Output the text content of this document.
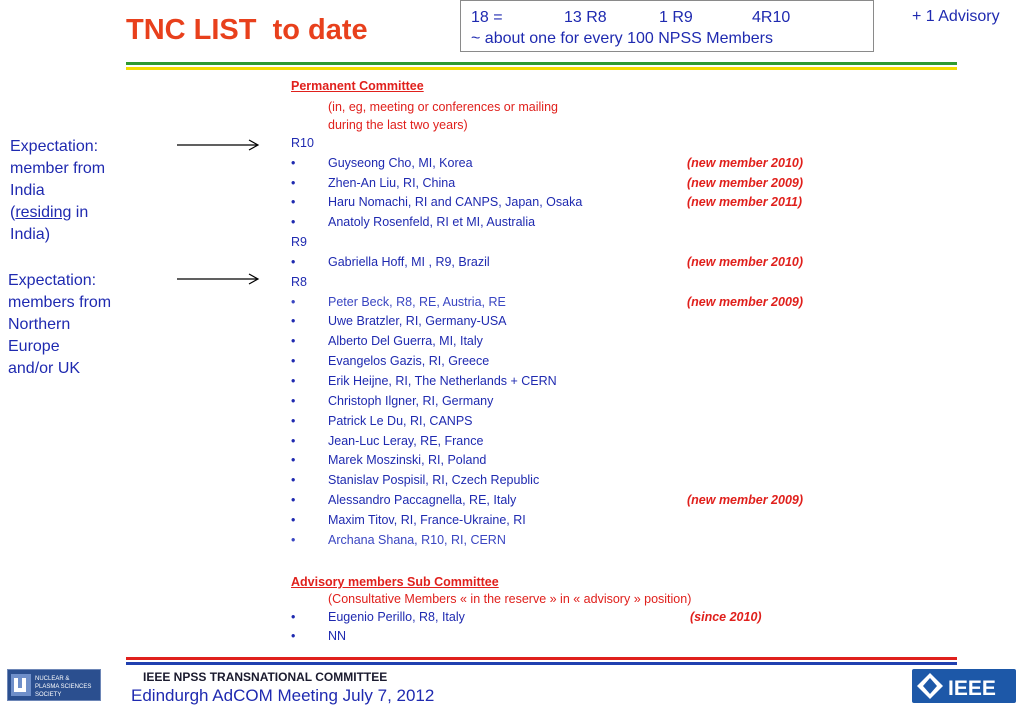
TNC LIST  to date	18 =	13 R8	1 R9	4R10
~ about one for every 100 NPSS Members
+ 1 Advisory
Expectation:
member from
India
(residing in
India)
Expectation:
members from
Northern
Europe
and/or UK
Permanent Committee
(in, eg, meeting or conferences or mailing
during the last two years)
R10
•	Guyseong Cho, MI, Korea	(new member 2010)
•	Zhen-An Liu, RI, China	(new member 2009)
•	Haru Nomachi, RI and CANPS, Japan, Osaka	(new member 2011)
•	Anatoly Rosenfeld, RI et MI, Australia
R9
•	Gabriella Hoff, MI , R9, Brazil	(new member 2010)
R8
•	Peter Beck, R8, RE, Austria, RE	(new member 2009)
•	Uwe Bratzler, RI, Germany-USA
•	Alberto Del Guerra, MI, Italy
•	Evangelos Gazis, RI, Greece
•	Erik Heijne, RI, The Netherlands + CERN
•	Christoph Ilgner, RI, Germany
•	Patrick Le Du, RI, CANPS
•	Jean-Luc Leray, RE, France
•	Marek Moszinski, RI, Poland
•	Stanislav Pospisil, RI, Czech Republic
•	Alessandro Paccagnella, RE, Italy	(new member 2009)
•	Maxim Titov, RI, France-Ukraine, RI
•	Archana Shana, R10, RI, CERN
Advisory members Sub Committee
(Consultative Members « in the reserve » in « advisory » position)
•	Eugenio Perillo, R8, Italy	(since 2010)
•	NN
NUCLEAR &
PLASMA SCIENCES
SOCIETY
IEEE NPSS TRANSNATIONAL COMMITTEE
Edindurgh AdCOM Meeting July 7, 2012	IEEE
